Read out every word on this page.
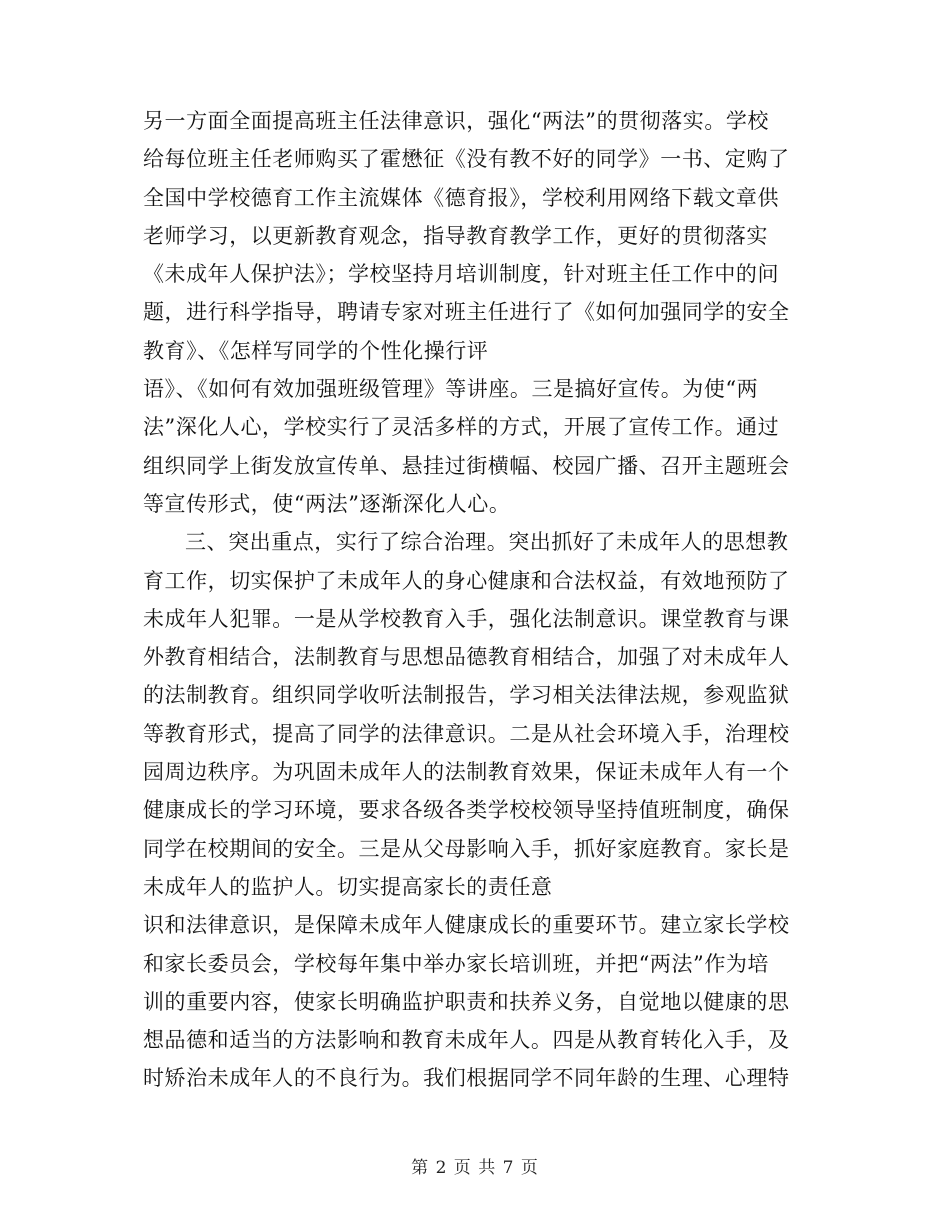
另一方面全面提高班主任法律意识，强化“两法”的贯彻落实。学校
给每位班主任老师购买了霍懋征《没有教不好的同学》一书、定购了
全国中学校德育工作主流媒体《德育报》，学校利用网络下载文章供
老师学习，以更新教育观念，指导教育教学工作，更好的贯彻落实
《未成年人保护法》；学校坚持月培训制度，针对班主任工作中的问
题，进行科学指导，聘请专家对班主任进行了《如何加强同学的安全
教育》、《怎样写同学的个性化操行评
语》、《如何有效加强班级管理》等讲座。三是搞好宣传。为使“两
法”深化人心，学校实行了灵活多样的方式，开展了宣传工作。通过
组织同学上街发放宣传单、悬挂过街横幅、校园广播、召开主题班会
等宣传形式，使“两法”逐渐深化人心。
三、突出重点，实行了综合治理。突出抓好了未成年人的思想教
育工作，切实保护了未成年人的身心健康和合法权益，有效地预防了
未成年人犯罪。一是从学校教育入手，强化法制意识。课堂教育与课
外教育相结合，法制教育与思想品德教育相结合，加强了对未成年人
的法制教育。组织同学收听法制报告，学习相关法律法规，参观监狱
等教育形式，提高了同学的法律意识。二是从社会环境入手，治理校
园周边秩序。为巩固未成年人的法制教育效果，保证未成年人有一个
健康成长的学习环境，要求各级各类学校校领导坚持值班制度，确保
同学在校期间的安全。三是从父母影响入手，抓好家庭教育。家长是
未成年人的监护人。切实提高家长的责任意
识和法律意识，是保障未成年人健康成长的重要环节。建立家长学校
和家长委员会，学校每年集中举办家长培训班，并把“两法”作为培
训的重要内容，使家长明确监护职责和扶养义务，自觉地以健康的思
想品德和适当的方法影响和教育未成年人。四是从教育转化入手，及
时矫治未成年人的不良行为。我们根据同学不同年龄的生理、心理特
第 2 页 共 7 页
